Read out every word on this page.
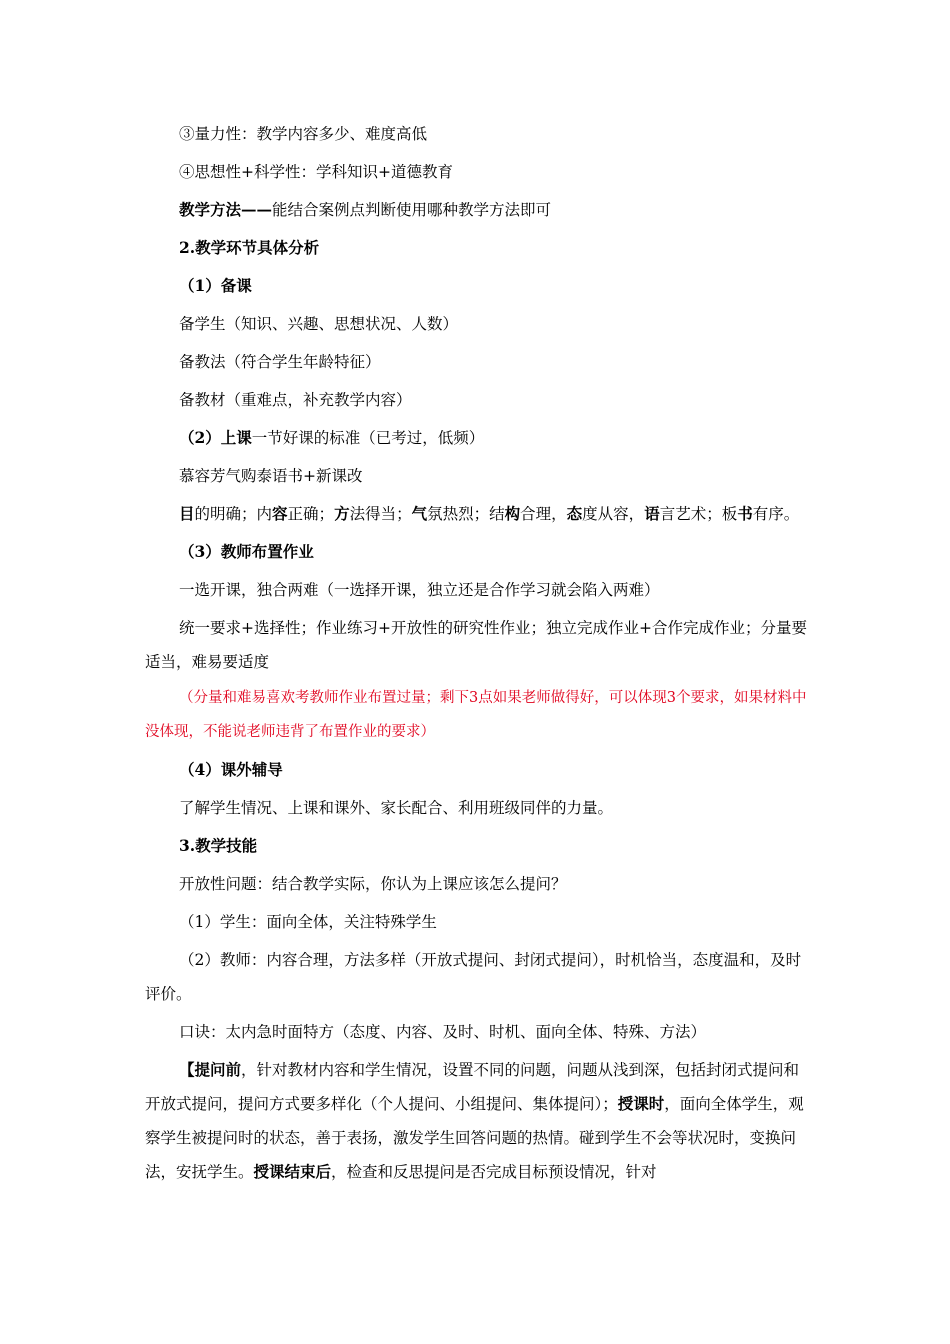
③量力性：教学内容多少、难度高低

④思想性+科学性：学科知识+道德教育

教学方法——能结合案例点判断使用哪种教学方法即可

2.教学环节具体分析

（1）备课

备学生（知识、兴趣、思想状况、人数）

备教法（符合学生年龄特征）

备教材（重难点，补充教学内容）

（2）上课一节好课的标准（已考过，低频）

慕容芳气购泰语书+新课改

目的明确；内容正确；方法得当；气氛热烈；结构合理，态度从容，语言艺术；板书有序。

（3）教师布置作业

一选开课，独合两难（一选择开课，独立还是合作学习就会陷入两难）

统一要求+选择性；作业练习+开放性的研究性作业；独立完成作业+合作完成作业；分量要适当，难易要适度

（分量和难易喜欢考教师作业布置过量；剩下3点如果老师做得好，可以体现3个要求，如果材料中没体现，不能说老师违背了布置作业的要求）

（4）课外辅导

了解学生情况、上课和课外、家长配合、利用班级同伴的力量。

3.教学技能

开放性问题：结合教学实际，你认为上课应该怎么提问？

（1）学生：面向全体，关注特殊学生

（2）教师：内容合理，方法多样（开放式提问、封闭式提问），时机恰当，态度温和，及时评价。

口诀：太内急时面特方（态度、内容、及时、时机、面向全体、特殊、方法）

【提问前，针对教材内容和学生情况，设置不同的问题，问题从浅到深，包括封闭式提问和开放式提问，提问方式要多样化（个人提问、小组提问、集体提问）；授课时，面向全体学生，观察学生被提问时的状态，善于表扬，激发学生回答问题的热情。碰到学生不会等状况时，变换问法，安抚学生。授课结束后，检查和反思提问是否完成目标预设情况，针对
